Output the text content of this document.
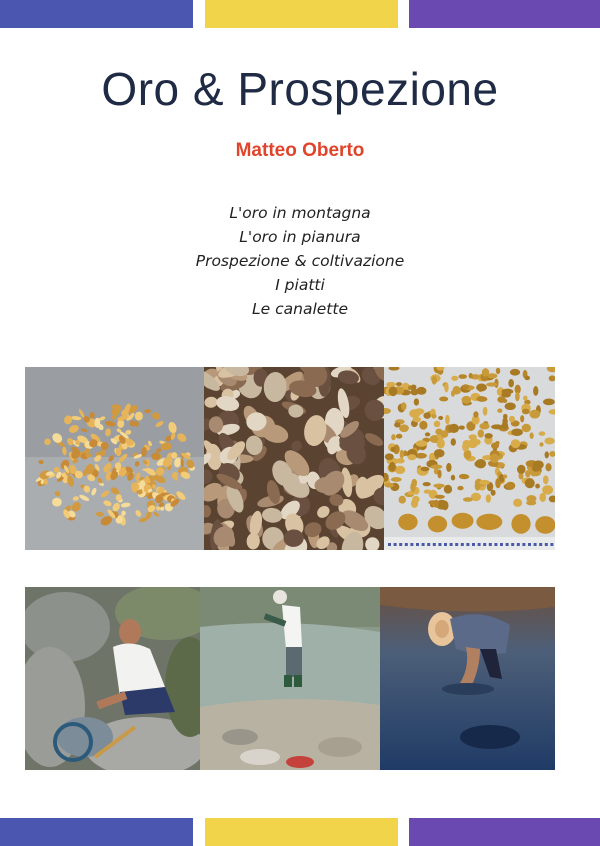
Oro & Prospezione
Matteo Oberto
L'oro in montagna
L'oro in pianura
Prospezione & coltivazione
I piatti
Le canalette
